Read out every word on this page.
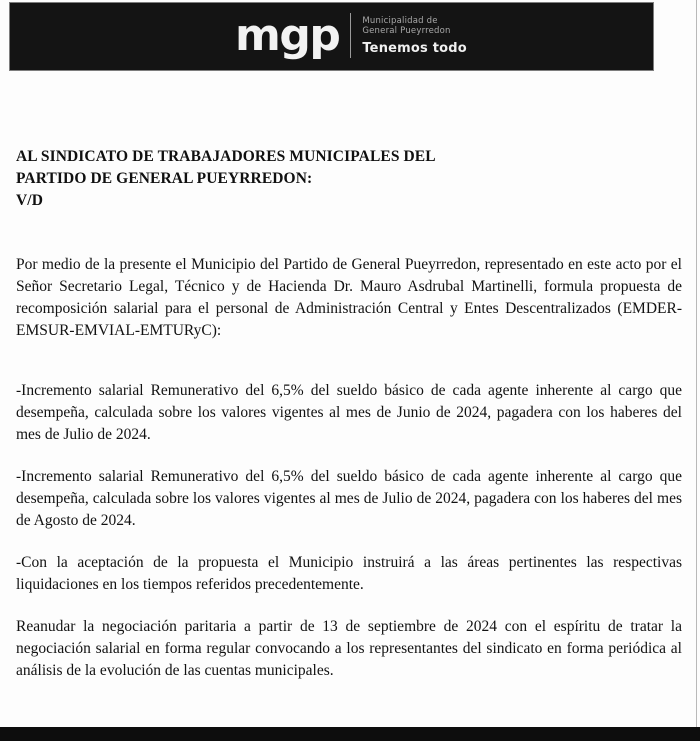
mgp	Municipalidad de
General Pueyrredon
Tenemos todo
AL SINDICATO DE TRABAJADORES MUNICIPALES DEL
PARTIDO DE GENERAL PUEYRREDON:
V/D

Por medio de la presente el Municipio del Partido de General Pueyrredon, representado en este acto por el Señor Secretario Legal, Técnico y de Hacienda Dr. Mauro Asdrubal Martinelli, formula propuesta de recomposición salarial para el personal de Administración Central y Entes Descentralizados (EMDER-EMSUR-EMVIAL-EMTURyC):

-Incremento salarial Remunerativo del 6,5% del sueldo básico de cada agente inherente al cargo que desempeña, calculada sobre los valores vigentes al mes de Junio de 2024, pagadera con los haberes del mes de Julio de 2024.

-Incremento salarial Remunerativo del 6,5% del sueldo básico de cada agente inherente al cargo que desempeña, calculada sobre los valores vigentes al mes de Julio de 2024, pagadera con los haberes del mes de Agosto de 2024.

-Con la aceptación de la propuesta el Municipio instruirá a las áreas pertinentes las respectivas liquidaciones en los tiempos referidos precedentemente.

Reanudar la negociación paritaria a partir de 13 de septiembre de 2024 con el espíritu de tratar la negociación salarial en forma regular convocando a los representantes del sindicato en forma periódica al análisis de la evolución de las cuentas municipales.
